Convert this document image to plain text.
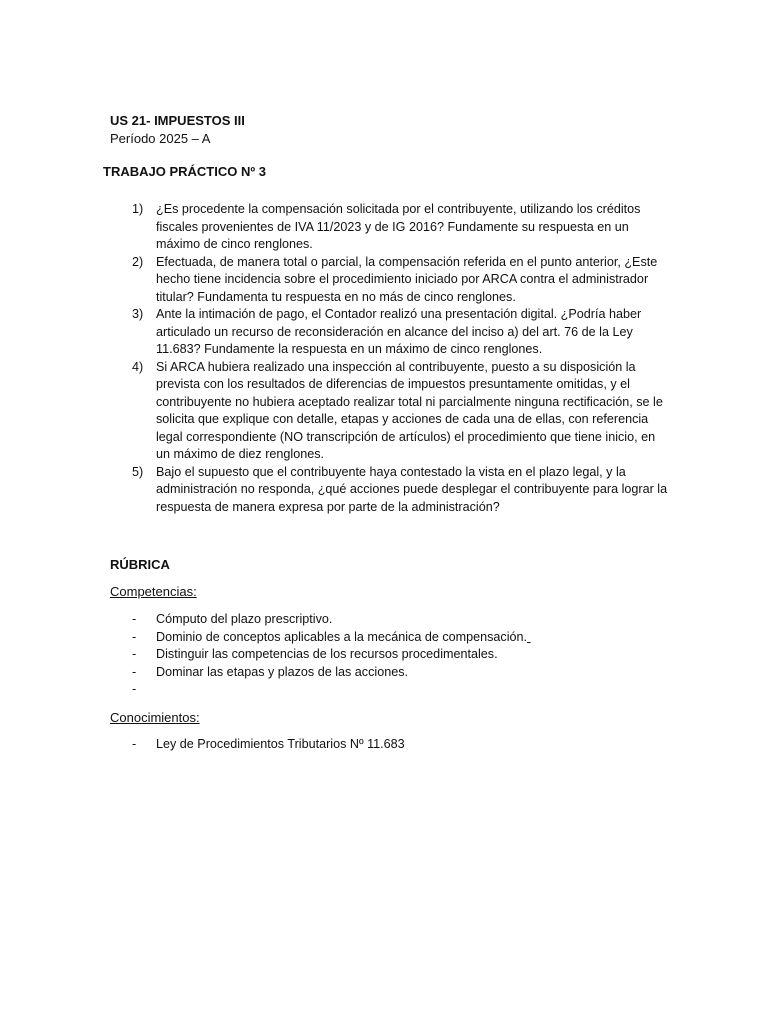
US 21- IMPUESTOS III
Período 2025 – A
TRABAJO PRÁCTICO Nº 3
1)	¿Es procedente la compensación solicitada por el contribuyente, utilizando los créditos fiscales provenientes de IVA 11/2023 y de IG 2016? Fundamente su respuesta en un máximo de cinco renglones.
2)	Efectuada, de manera total o parcial, la compensación referida en el punto anterior, ¿Este hecho tiene incidencia sobre el procedimiento iniciado por ARCA contra el administrador titular? Fundamenta tu respuesta en no más de cinco renglones.
3)	Ante la intimación de pago, el Contador realizó una presentación digital. ¿Podría haber articulado un recurso de reconsideración en alcance del inciso a) del art. 76 de la Ley 11.683? Fundamente la respuesta en un máximo de cinco renglones.
4)	Si ARCA hubiera realizado una inspección al contribuyente, puesto a su disposición la prevista con los resultados de diferencias de impuestos presuntamente omitidas, y el contribuyente no hubiera aceptado realizar total ni parcialmente ninguna rectificación, se le solicita que explique con detalle, etapas y acciones de cada una de ellas, con referencia legal correspondiente (NO transcripción de artículos) el procedimiento que tiene inicio, en un máximo de diez renglones.
5)	Bajo el supuesto que el contribuyente haya contestado la vista en el plazo legal, y la administración no responda, ¿qué acciones puede desplegar el contribuyente para lograr la respuesta de manera expresa por parte de la administración?
RÚBRICA
Competencias:
-	Cómputo del plazo prescriptivo.
-	Dominio de conceptos aplicables a la mecánica de compensación.
-	Distinguir las competencias de los recursos procedimentales.
-	Dominar las etapas y plazos de las acciones.
-
Conocimientos:
-	Ley de Procedimientos Tributarios Nº 11.683
